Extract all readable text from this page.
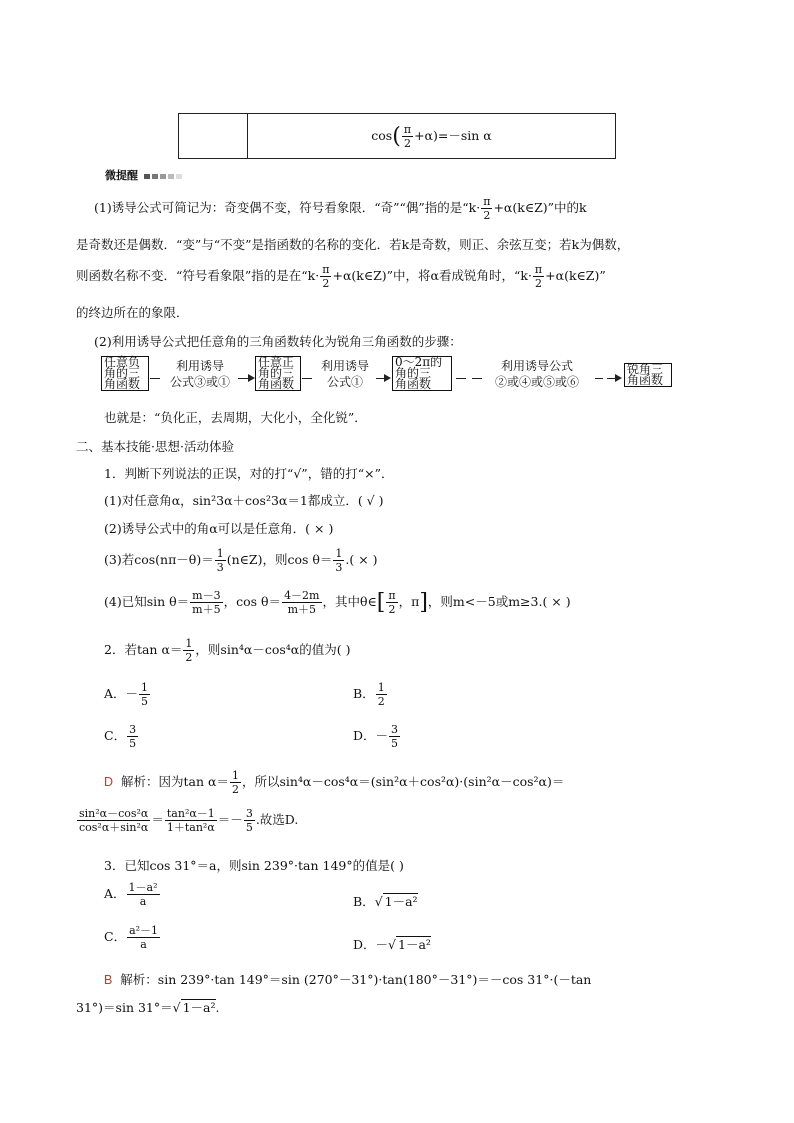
	$\cos( \frac{\pi}{2} +\alpha)=-\sin$ α
微提醒
(1)诱导公式可简记为：奇变偶不变，符号看象限．“奇”“偶”指的是“$k\cdot \frac{\pi}{2}$ +α(k∈Z)”中的k
是奇数还是偶数．“变”与“不变”是指函数的名称的变化．若k是奇数，则正、余弦互变；若k为偶数，
则函数名称不变．“符号看象限”指的是在“$k\cdot \frac{\pi}{2}$ +α(k∈Z)”中，将α看成锐角时，“$k\cdot \frac{\pi}{2}$ +α(k∈Z)”
的终边所在的象限．
(2)利用诱导公式把任意角的三角函数转化为锐角三角函数的步骤：
任意负
角的三
角函数
利用诱导
公式③或①
任意正
角的三
角函数
利用诱导
公式①
0～2π的
角的三
角函数
利用诱导公式
②或④或⑤或⑥
锐角三
角函数
也就是：“负化正，去周期，大化小，全化锐”．
二、基本技能·思想·活动体验
1．判断下列说法的正误，对的打“√”，错的打“×”．
(1)对任意角α，sin²3α＋cos²3α＝1都成立．( √ )
(2)诱导公式中的角α可以是任意角．( × )
(3)若$\cos(n\pi-\theta)= \frac{1}{3}$ (n∈Z)，则$\cos \theta= \frac{1}{3}$ .( × )
(4)已知$\sin \theta= \frac{m-3}{m+5}$ ，$\cos \theta= \frac{4-2m}{m+5}$ ，其中θ∈[ $\frac{\pi}{2}$ ，π]，则m<－5或m≥3.( × )
2．若$\tan \alpha= \frac{1}{2}$ ，则sin⁴α－cos⁴α的值为( )
A．－ $\frac{1}{5}$	B． $\frac{1}{2}$
C． $\frac{3}{5}$	D．－ $\frac{3}{5}$
D 解析：因为$\tan \alpha= \frac{1}{2}$ ，所以sin⁴α－cos⁴α＝(sin²α＋cos²α)·(sin²α－cos²α)＝
$\frac{\text{sin²α－cos²α}}{\text{cos²α＋sin²α}} = \frac{\text{tan²α－1}}{\text{1＋tan²α}} =- \frac{3}{5}$ .故选D.
3．已知cos 31°＝a，则sin 239°·tan 149°的值是( )
A． $\frac{\text{1－a²}}{a}$	B．√ 1－a²
C． $\frac{\text{a²－1}}{a}$	D．－√ 1－a²
B 解析：sin 239°·tan 149°＝sin (270°－31°)·tan(180°－31°)＝－cos 31°·(－tan
31°)＝sin 31°＝√ 1－a².
